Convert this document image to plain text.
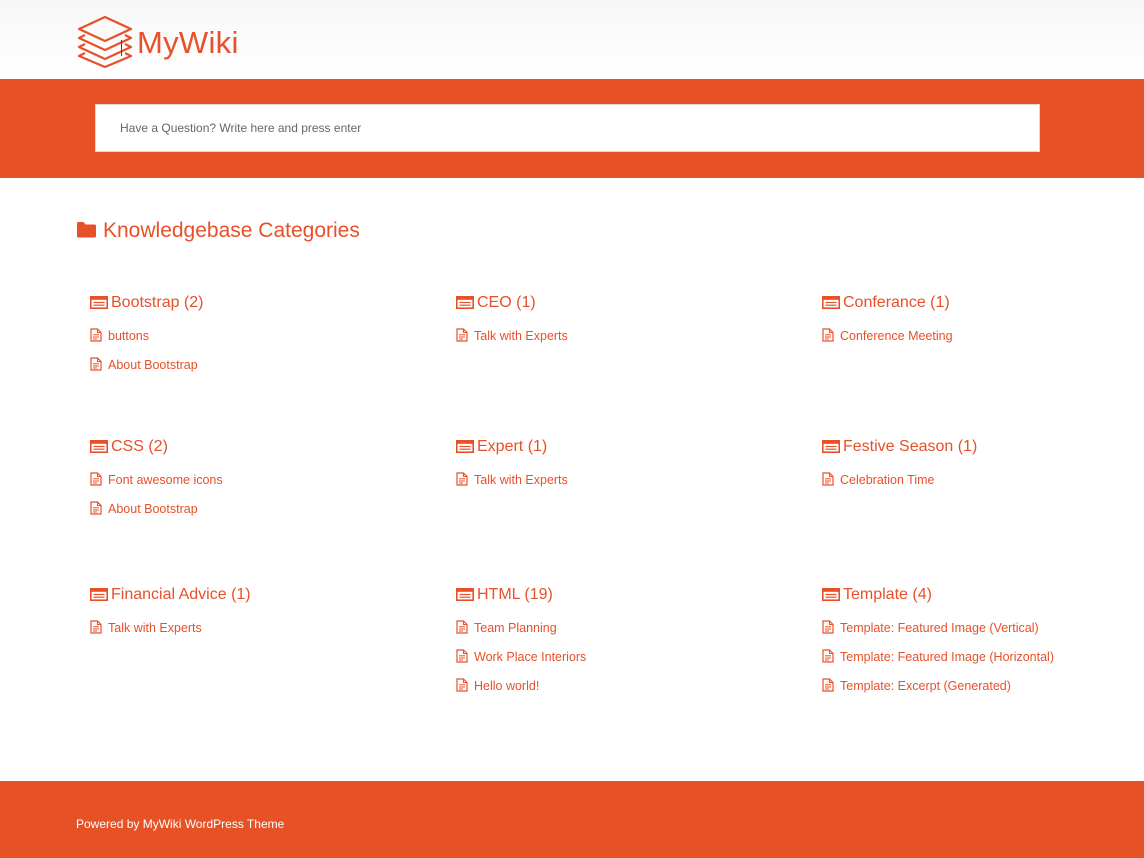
MyWiki
Have a Question? Write here and press enter
Knowledgebase Categories
Bootstrap (2)
buttons
About Bootstrap
CEO (1)
Talk with Experts
Conferance (1)
Conference Meeting
CSS (2)
Font awesome icons
About Bootstrap
Expert (1)
Talk with Experts
Festive Season (1)
Celebration Time
Financial Advice (1)
Talk with Experts
HTML (19)
Team Planning
Work Place Interiors
Hello world!
Template (4)
Template: Featured Image (Vertical)
Template: Featured Image (Horizontal)
Template: Excerpt (Generated)
Powered by MyWiki WordPress Theme
